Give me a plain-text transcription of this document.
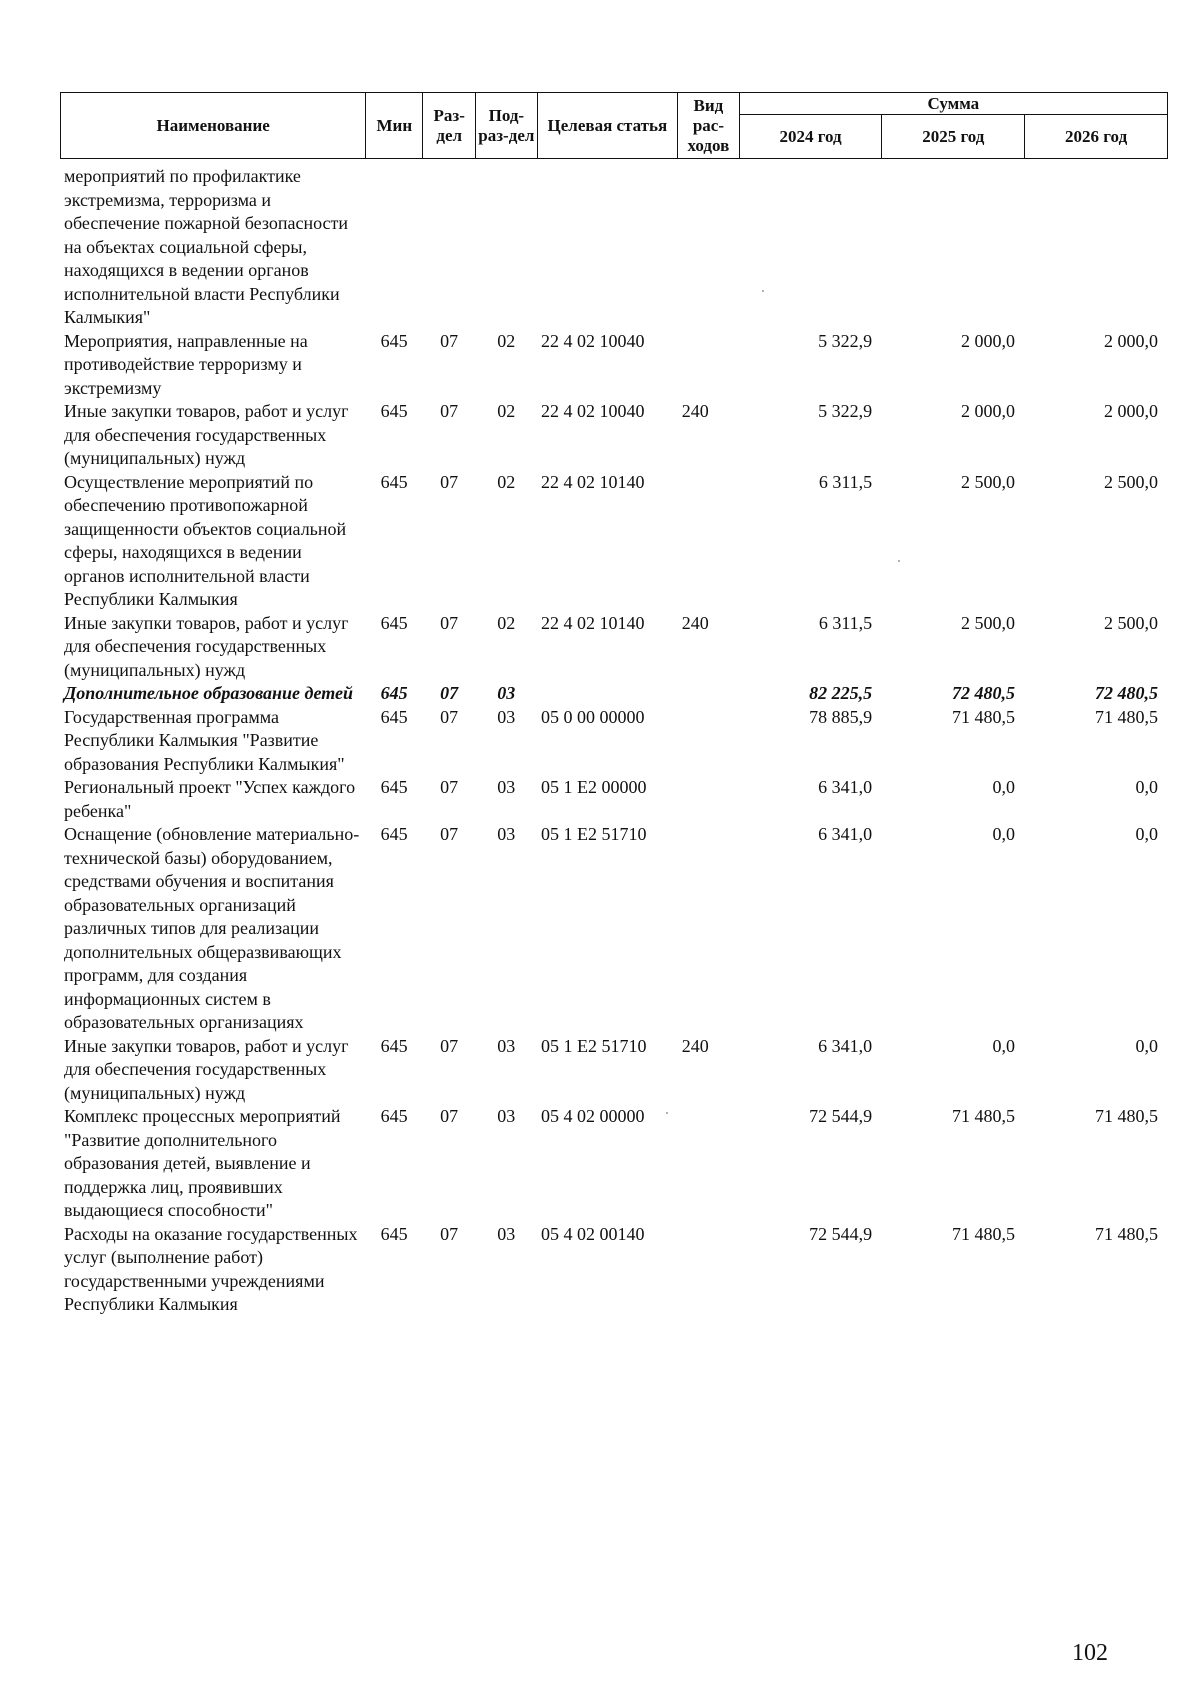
Наименование	Мин	Раз-дел	Под-раз-дел	Целевая статья	Вид рас-ходов	Сумма		
						2024 год	2025 год	2026 год
мероприятий по профилактике экстремизма, терроризма и обеспечение пожарной безопасности на объектах социальной сферы, находящихся в ведении органов исполнительной власти Республики Калмыкия"								
Мероприятия, направленные на противодействие терроризму и экстремизму	645	07	02	22 4 02 10040		5 322,9	2 000,0	2 000,0
Иные закупки товаров, работ и услуг для обеспечения государственных (муниципальных) нужд	645	07	02	22 4 02 10040	240	5 322,9	2 000,0	2 000,0
Осуществление мероприятий по обеспечению противопожарной защищенности объектов социальной сферы, находящихся в ведении органов исполнительной власти Республики Калмыкия	645	07	02	22 4 02 10140		6 311,5	2 500,0	2 500,0
Иные закупки товаров, работ и услуг для обеспечения государственных (муниципальных) нужд	645	07	02	22 4 02 10140	240	6 311,5	2 500,0	2 500,0
Дополнительное образование детей	645	07	03			82 225,5	72 480,5	72 480,5
Государственная программа Республики Калмыкия "Развитие образования Республики Калмыкия"	645	07	03	05 0 00 00000		78 885,9	71 480,5	71 480,5
Региональный проект "Успех каждого ребенка"	645	07	03	05 1 E2 00000		6 341,0	0,0	0,0
Оснащение (обновление материально-технической базы) оборудованием, средствами обучения и воспитания образовательных организаций различных типов для реализации дополнительных общеразвивающих программ, для создания информационных систем в образовательных организациях	645	07	03	05 1 E2 51710		6 341,0	0,0	0,0
Иные закупки товаров, работ и услуг для обеспечения государственных (муниципальных) нужд	645	07	03	05 1 E2 51710	240	6 341,0	0,0	0,0
Комплекс процессных мероприятий "Развитие дополнительного образования детей, выявление и поддержка лиц, проявивших выдающиеся способности"	645	07	03	05 4 02 00000		72 544,9	71 480,5	71 480,5
Расходы на оказание государственных услуг (выполнение работ) государственными учреждениями Республики Калмыкия	645	07	03	05 4 02 00140		72 544,9	71 480,5	71 480,5
102
